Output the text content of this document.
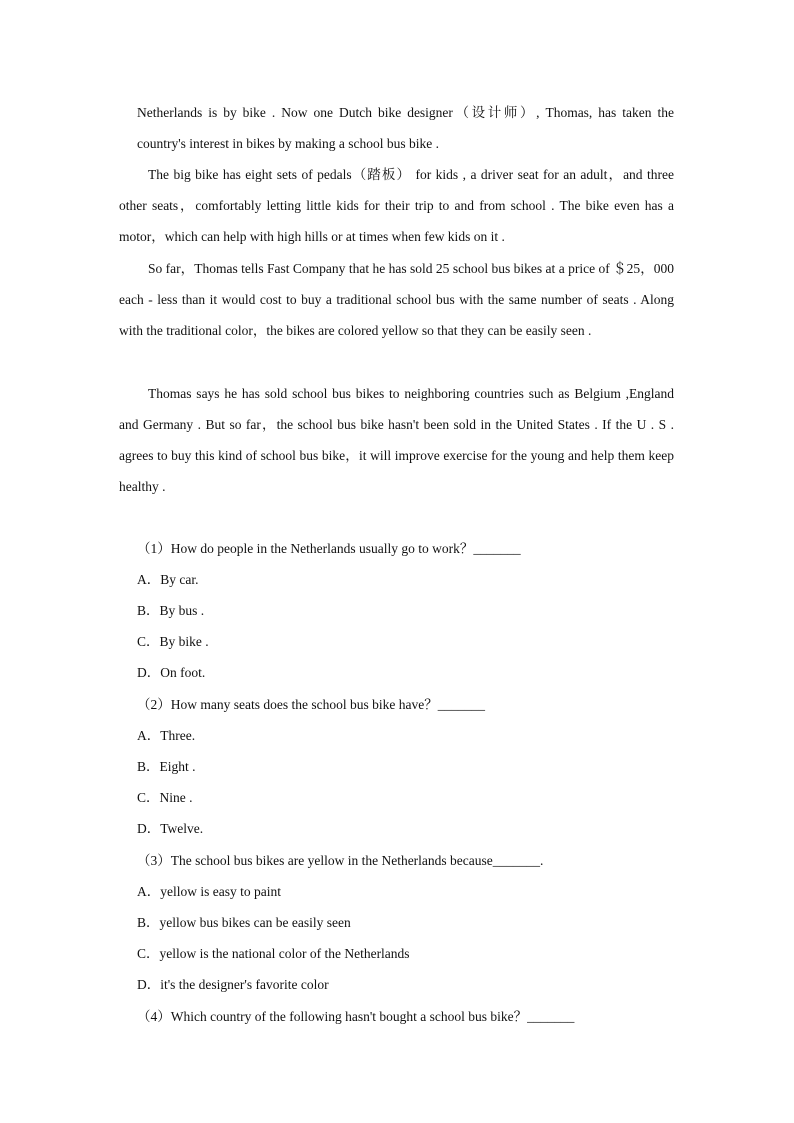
Netherlands is by bike . Now one Dutch bike designer（设计师）, Thomas, has taken the country's interest in bikes by making a school bus bike .

The big bike has eight sets of pedals（踏板） for kids , a driver seat for an adult，and three other seats，comfortably letting little kids for their trip to and from school . The bike even has a motor，which can help with high hills or at times when few kids on it .

So far，Thomas tells Fast Company that he has sold 25 school bus bikes at a price of ＄25，000 each - less than it would cost to buy a traditional school bus with the same number of seats . Along with the traditional color，the bikes are colored yellow so that they can be easily seen .

Thomas says he has sold school bus bikes to neighboring countries such as Belgium ,England and Germany . But so far，the school bus bike hasn't been sold in the United States . If the U . S . agrees to buy this kind of school bus bike，it will improve exercise for the young and help them keep healthy .

（1）How do people in the Netherlands usually go to work？_______
A．By car.
B．By bus .
C．By bike .
D．On foot.
（2）How many seats does the school bus bike have？_______
A．Three.
B．Eight .
C．Nine .
D．Twelve.
（3）The school bus bikes are yellow in the Netherlands because_______.
A．yellow is easy to paint
B．yellow bus bikes can be easily seen
C．yellow is the national color of the Netherlands
D．it's the designer's favorite color
（4）Which country of the following hasn't bought a school bus bike？_______
